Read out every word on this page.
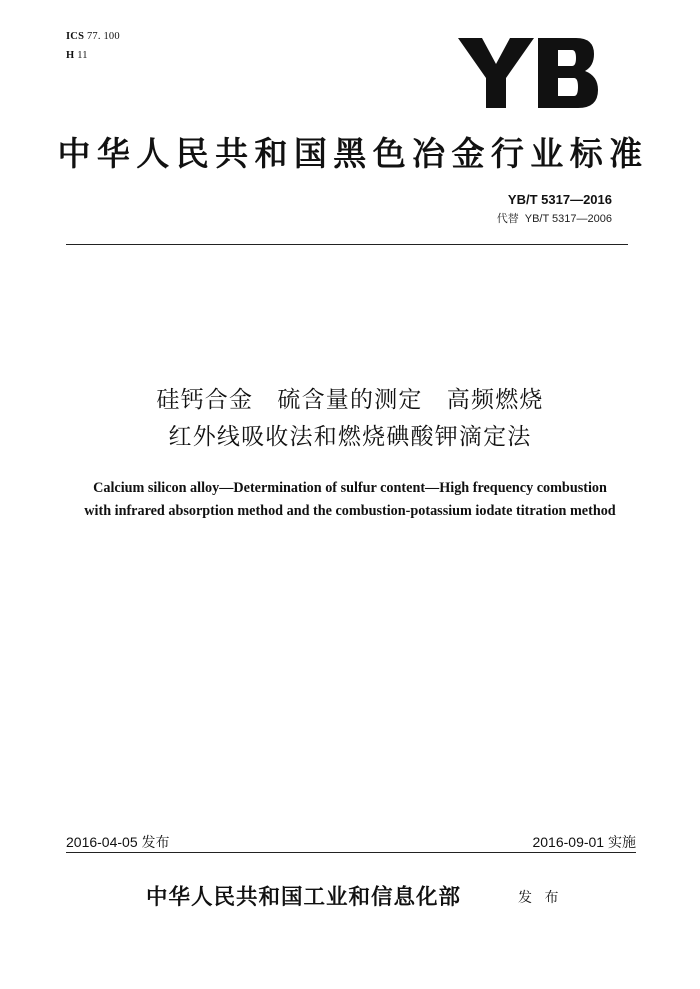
ICS 77. 100
H 11
中华人民共和国黑色冶金行业标准
YB/T 5317—2016
代替 YB/T 5317—2006
硅钙合金　硫含量的测定　高频燃烧
红外线吸收法和燃烧碘酸钾滴定法
Calcium silicon alloy—Determination of sulfur content—High frequency combustion with infrared absorption method and the combustion-potassium iodate titration method
2016-04-05 发布	2016-09-01 实施
中华人民共和国工业和信息化部	发 布
